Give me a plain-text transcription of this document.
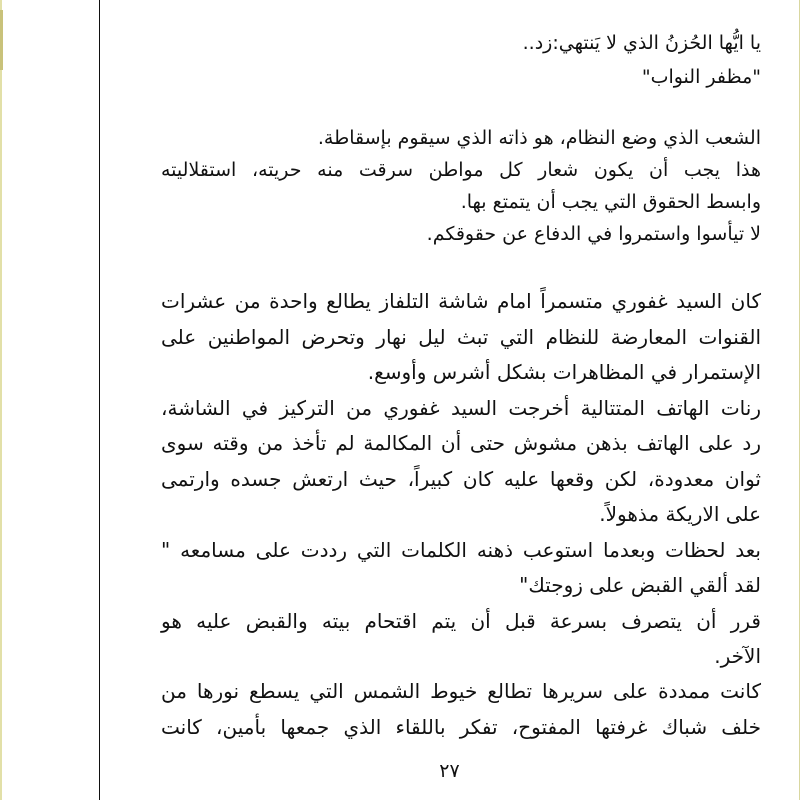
يا ايُّها الحُزنُ الذي لا يَنتهي:زد..
"مظفر النواب"
الشعب الذي وضع النظام، هو ذاته الذي سيقوم بإسقاطة.
هذا يجب أن يكون شعار كل مواطن سرقت منه حريته، استقلاليته
وابسط الحقوق التي يجب أن يتمتع بها.
لا تيأسوا واستمروا في الدفاع عن حقوقكم.
كان السيد غفوري متسمراً امام شاشة التلفاز يطالع واحدة من عشرات
القنوات المعارضة للنظام التي تبث ليل نهار وتحرض المواطنين على
الإستمرار في المظاهرات بشكل أشرس وأوسع.
رنات الهاتف المتتالية أخرجت السيد غفوري من التركيز في الشاشة،
رد على الهاتف بذهن مشوش حتى أن المكالمة لم تأخذ من وقته سوى
ثوان معدودة، لكن وقعها عليه كان كبيراً، حيث ارتعش جسده وارتمى
على الاريكة مذهولاً.
بعد لحظات وبعدما استوعب ذهنه الكلمات التي رددت على مسامعه "
لقد ألقي القبض على زوجتك"
قرر أن يتصرف بسرعة قبل أن يتم اقتحام بيته والقبض عليه هو
الآخر.
كانت ممددة على سريرها تطالع خيوط الشمس التي يسطع نورها من
خلف شباك غرفتها المفتوح، تفكر باللقاء الذي جمعها بأمين، كانت
٢٧
